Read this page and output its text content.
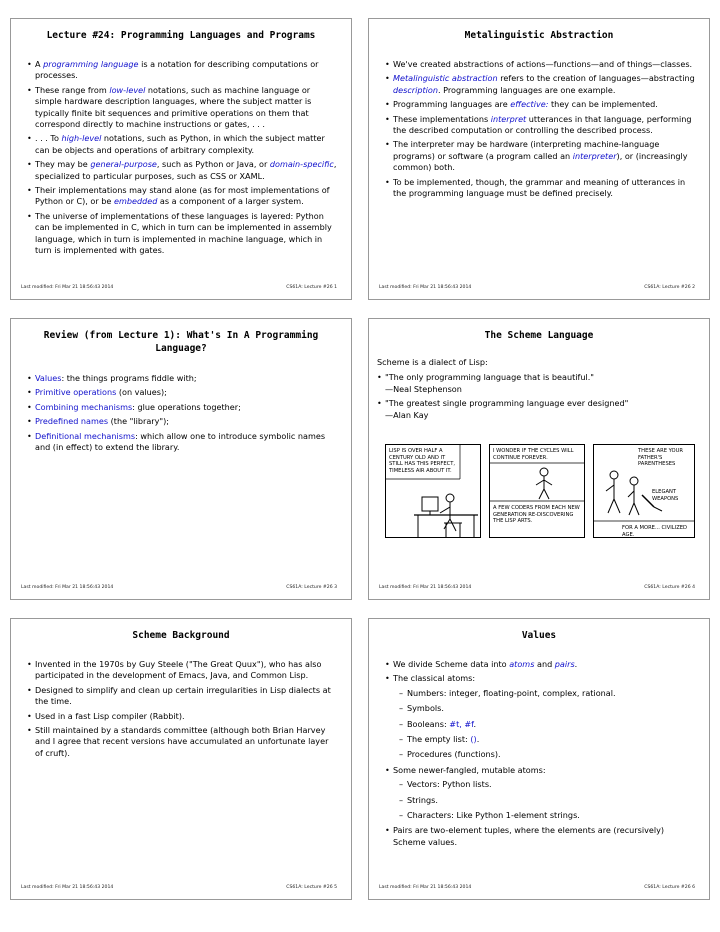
Lecture #24: Programming Languages and Programs
• A programming language is a notation for describing computations or processes.
• These range from low-level notations, such as machine language or simple hardware description languages, where the subject matter is typically finite bit sequences and primitive operations on them that correspond directly to machine instructions or gates, . . .
• . . . To high-level notations, such as Python, in which the subject matter can be objects and operations of arbitrary complexity.
• They may be general-purpose, such as Python or Java, or domain-specific, specialized to particular purposes, such as CSS or XAML.
• Their implementations may stand alone (as for most implementations of Python or C), or be embedded as a component of a larger system.
• The universe of implementations of these languages is layered: Python can be implemented in C, which in turn can be implemented in assembly language, which in turn is implemented in machine language, which in turn is implemented with gates.
Last modified: Fri Mar 21 18:56:43 2014	CS61A: Lecture #26 1
Metalinguistic Abstraction
• We've created abstractions of actions—functions—and of things—classes.
• Metalinguistic abstraction refers to the creation of languages—abstracting description. Programming languages are one example.
• Programming languages are effective: they can be implemented.
• These implementations interpret utterances in that language, performing the described computation or controlling the described process.
• The interpreter may be hardware (interpreting machine-language programs) or software (a program called an interpreter), or (increasingly common) both.
• To be implemented, though, the grammar and meaning of utterances in the programming language must be defined precisely.
Last modified: Fri Mar 21 18:56:43 2014	CS61A: Lecture #26 2
Review (from Lecture 1): What's In A Programming Language?
• Values: the things programs fiddle with;
• Primitive operations (on values);
• Combining mechanisms: glue operations together;
• Predefined names (the "library");
• Definitional mechanisms: which allow one to introduce symbolic names and (in effect) to extend the library.
Last modified: Fri Mar 21 18:56:43 2014	CS61A: Lecture #26 3
The Scheme Language
Scheme is a dialect of Lisp:
• "The only programming language that is beautiful."
—Neal Stephenson
• "The greatest single programming language ever designed"
—Alan Kay
LISP IS OVER HALF A CENTURY OLD AND IT STILL HAS THIS PERFECT, TIMELESS AIR ABOUT IT.
I WONDER IF THE CYCLES WILL CONTINUE FOREVER.
A FEW CODERS FROM EACH NEW GENERATION RE-DISCOVERING THE LISP ARTS.
THESE ARE YOUR FATHER'S PARENTHESES
ELEGANT WEAPONS
FOR A MORE... CIVILIZED AGE.
Last modified: Fri Mar 21 18:56:43 2014	CS61A: Lecture #26 4
Scheme Background
• Invented in the 1970s by Guy Steele ("The Great Quux"), who has also participated in the development of Emacs, Java, and Common Lisp.
• Designed to simplify and clean up certain irregularities in Lisp dialects at the time.
• Used in a fast Lisp compiler (Rabbit).
• Still maintained by a standards committee (although both Brian Harvey and I agree that recent versions have accumulated an unfortunate layer of cruft).
Last modified: Fri Mar 21 18:56:43 2014	CS61A: Lecture #26 5
Values
• We divide Scheme data into atoms and pairs.
• The classical atoms:
– Numbers: integer, floating-point, complex, rational.
– Symbols.
– Booleans: #t, #f.
– The empty list: ().
– Procedures (functions).
• Some newer-fangled, mutable atoms:
– Vectors: Python lists.
– Strings.
– Characters: Like Python 1-element strings.
• Pairs are two-element tuples, where the elements are (recursively) Scheme values.
Last modified: Fri Mar 21 18:56:43 2014	CS61A: Lecture #26 6
